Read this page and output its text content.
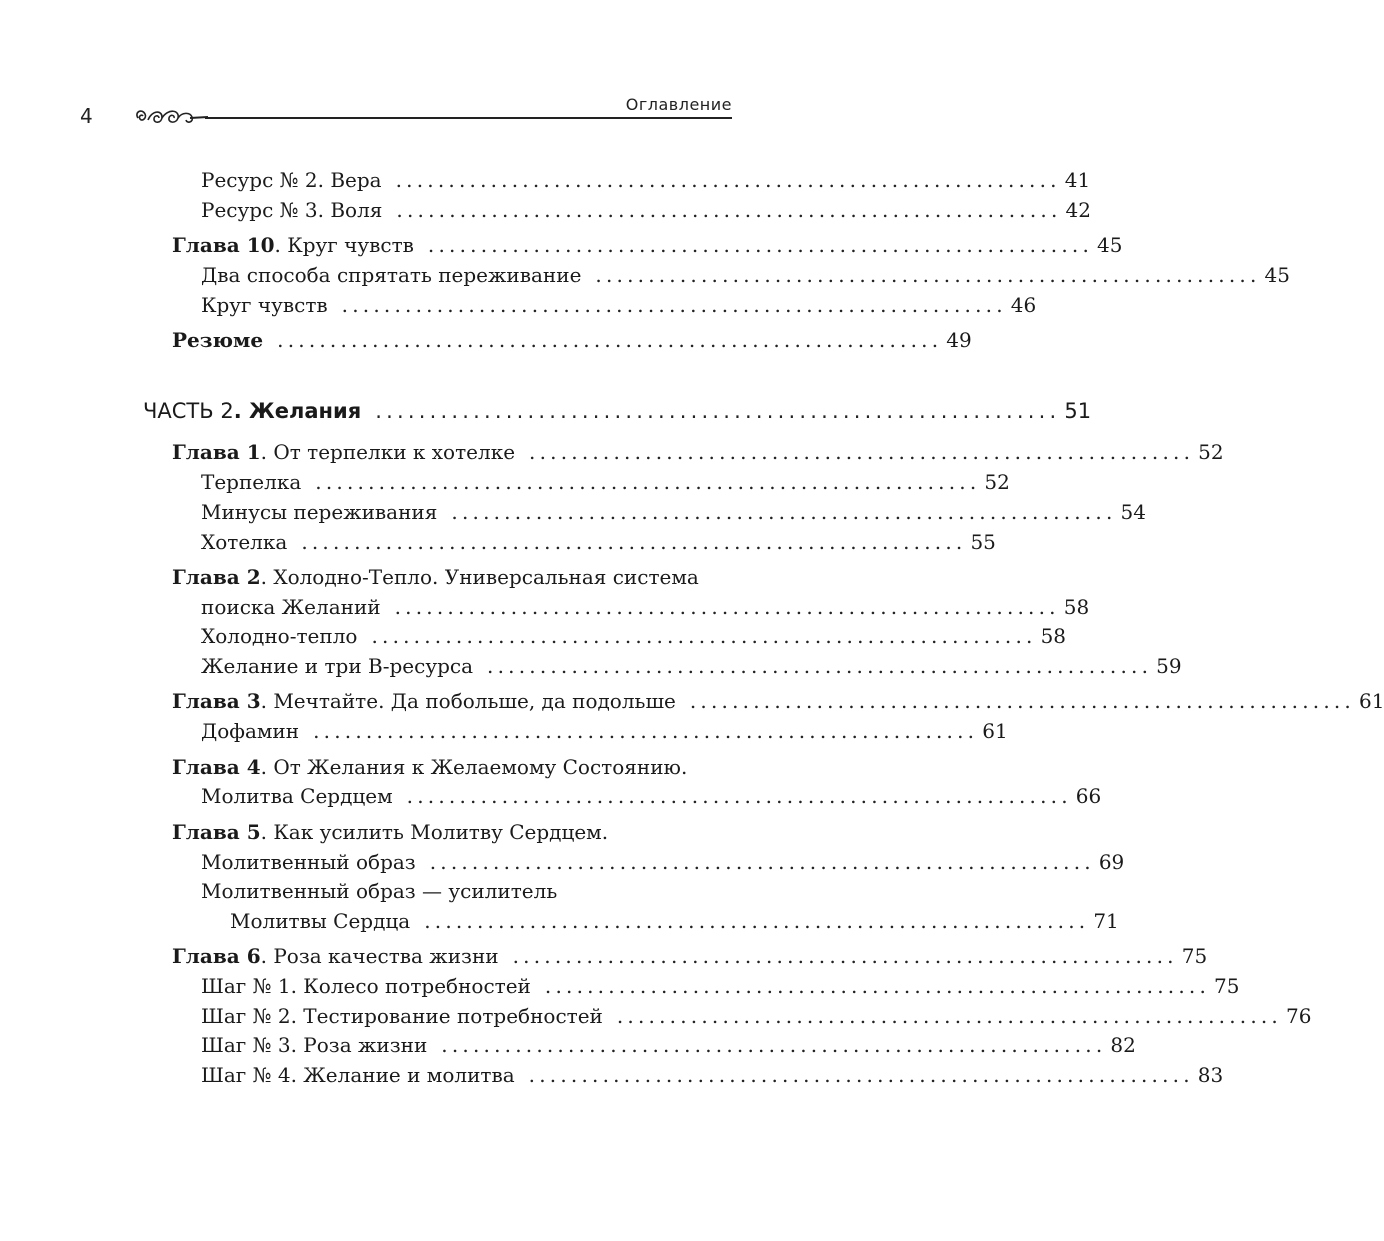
4	Оглавление
Ресурс № 2. Вера ............................................................... 41
Ресурс № 3. Воля ............................................................... 42
Глава 10. Круг чувств ............................................................... 45
Два способа спрятать переживание ............................................................... 45
Круг чувств ............................................................... 46
Резюме ............................................................... 49
ЧАСТЬ 2. Желания ............................................................... 51
Глава 1. От терпелки к хотелке ............................................................... 52
Терпелка ............................................................... 52
Минусы переживания ............................................................... 54
Хотелка ............................................................... 55
Глава 2. Холодно-Тепло. Универсальная система
поиска Желаний ............................................................... 58
Холодно-тепло ............................................................... 58
Желание и три В-ресурса ............................................................... 59
Глава 3. Мечтайте. Да побольше, да подольше ............................................................... 61
Дофамин ............................................................... 61
Глава 4. От Желания к Желаемому Состоянию.
Молитва Сердцем ............................................................... 66
Глава 5. Как усилить Молитву Сердцем.
Молитвенный образ ............................................................... 69
Молитвенный образ — усилитель
Молитвы Сердца ............................................................... 71
Глава 6. Роза качества жизни ............................................................... 75
Шаг № 1. Колесо потребностей ............................................................... 75
Шаг № 2. Тестирование потребностей ............................................................... 76
Шаг № 3. Роза жизни ............................................................... 82
Шаг № 4. Желание и молитва ............................................................... 83
